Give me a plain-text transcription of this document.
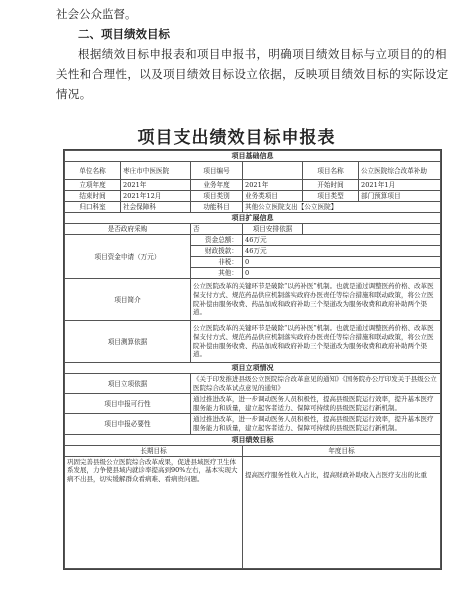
社会公众监督。

二、项目绩效目标

根据绩效目标申报表和项目申报书，明确项目绩效目标与立项目的的相关性和合理性，以及项目绩效目标设立依据，反映项目绩效目标的实际设定情况。

项目支出绩效目标申报表
项目基础信息					
单位名称	枣庄市中医医院	项目编号		项目名称	公立医院综合改革补助
立项年度	2021年	业务年度	2021年	开始时间	2021年1月
结束时间	2021年12月	项目类别	业务类项目	项目类型	部门预算项目
归口科室	社会保障科	功能科目	其他公立医院支出【公立医院】		
项目扩展信息					
是否政府采购		否	项目安排依据		
项目资金申请（万元）		资金总额：	46万元		
		财政拨款：	46万元		
		非税：	0		
		其他：	0		
项目简介		公立医院改革的关键环节是破除“以药补医”机制。也就是通过调整医药价格、改革医保支付方式、规范药品供应机制落实政府办医责任等综合措施和联动政策，将公立医院补偿由服务收费、药品加成和政府补助三个渠道改为服务收费和政府补助两个渠道。			
项目测算依据		公立医院改革的关键环节是破除“以药补医”机制。也就是通过调整医药价格、改革医保支付方式、规范药品供应机制落实政府办医责任等综合措施和联动政策，将公立医院补偿由服务收费、药品加成和政府补助三个渠道改为服务收费和政府补助两个渠道。			
项目立项情况					
项目立项依据		《关于印发推进县级公立医院综合改革意见的通知》《国务院办公厅印发关于县级公立医院综合改革试点意见的通知》			
项目申报可行性		通过推进改革，进一步调动医务人员积极性，提高县级医院运行效率，提升基本医疗服务能力和质量，建立起客者适力、保障可持续的县级医院运行新机制。			
项目申报必要性		通过推进改革，进一步调动医务人员积极性，提高县级医院运行效率，提升基本医疗服务能力和质量，建立起客者适力、保障可持续的县级医院运行新机制。			
项目绩效目标					
长期目标			年度目标		
巩固完善县级公立医院综合改革成果，促进县域医疗卫生体系发展，力争使县域内就诊率提高到90%左右，基本实现大病不出县，切实缓解群众看病难、看病贵问题。			提高医疗服务性收入占比，提高财政补助收入占医疗支出的比重		
